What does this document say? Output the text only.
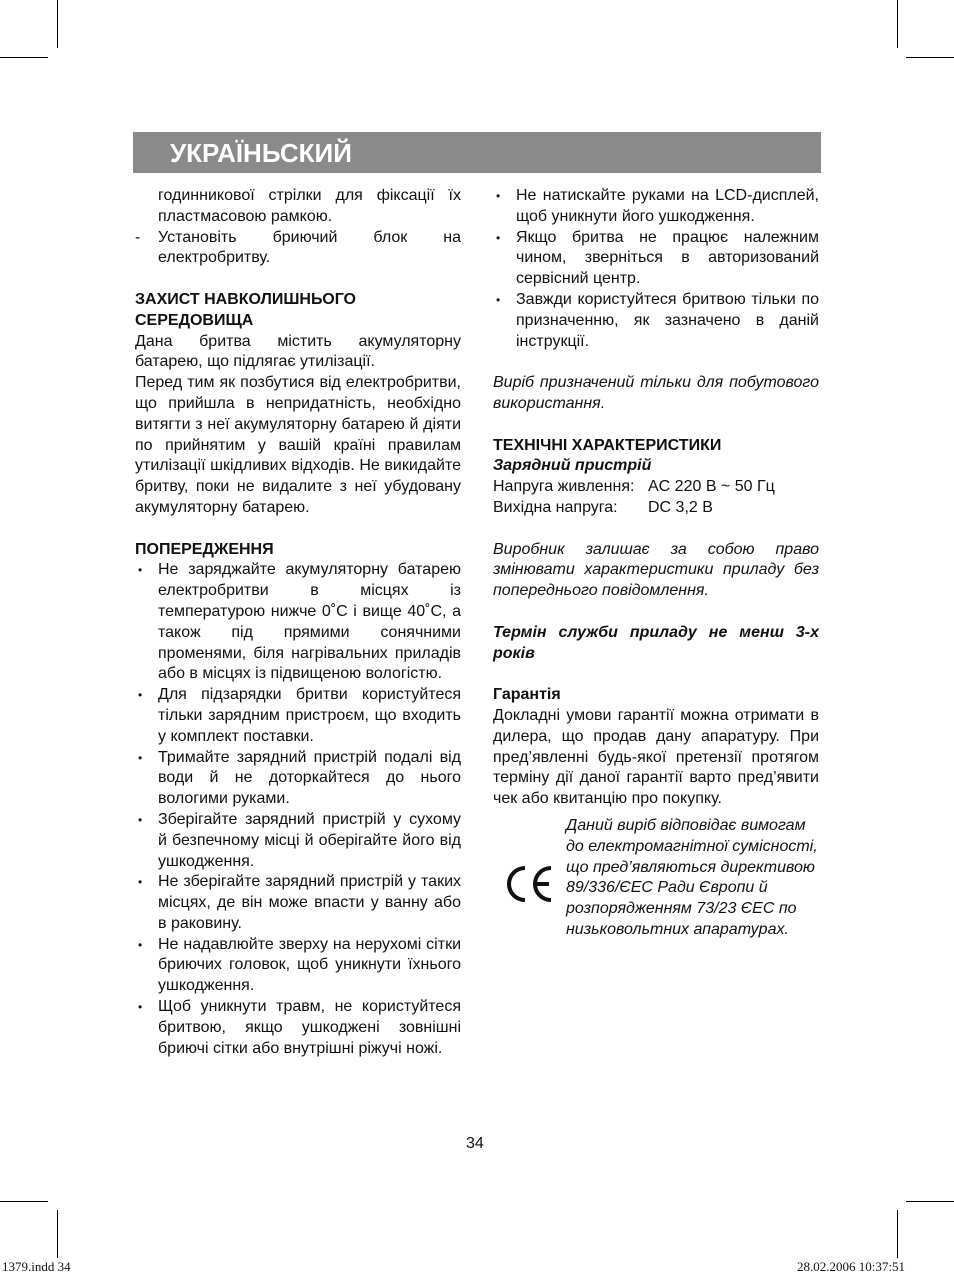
УКРАЇНЬСКИЙ

годинникової стрілки для фіксації їх пластмасовою рамкою.

-	Установіть бриючий блок на електробритву.

ЗАХИСТ НАВКОЛИШНЬОГО
СЕРЕДОВИЩА

Дана бритва містить акумуляторну батарею, що підлягає утилізації.

Перед тим як позбутися від електробритви, що прийшла в непридатність, необхідно витягти з неї акумуляторну батарею й діяти по прийнятим у вашій країні правилам утилізації шкідливих відходів. Не викидайте бритву, поки не видалите з неї убудовану акумуляторну батарею.

ПОПЕРЕДЖЕННЯ

• Не заряджайте акумуляторну батарею електробритви в місцях із температурою нижче 0˚С і вище 40˚С, а також під прямими сонячними променями, біля нагрівальних приладів або в місцях із підвищеною вологістю.
• Для підзарядки бритви користуйтеся тільки зарядним пристроєм, що входить у комплект поставки.
• Тримайте зарядний пристрій подалі від води й не доторкайтеся до нього вологими руками.
• Зберігайте зарядний пристрій у сухому й безпечному місці й оберігайте його від ушкодження.
• Не зберігайте зарядний пристрій у таких місцях, де він може впасти у ванну або в раковину.
• Не надавлюйте зверху на нерухомі сітки бриючих головок, щоб уникнути їхнього ушкодження.
• Щоб уникнути травм, не користуйтеся бритвою, якщо ушкоджені зовнішні бриючі сітки або внутрішні ріжучі ножі.
• Не натискайте руками на LCD-дисплей, щоб уникнути його ушкодження.
• Якщо бритва не працює належним чином, зверніться в авторизований сервісний центр.
• Завжди користуйтеся бритвою тільки по призначенню, як зазначено в даній інструкції.

Виріб призначений тільки для побутового використання.

ТЕХНІЧНІ ХАРАКТЕРИСТИКИ

Зарядний пристрій

Напруга живлення: AC 220 В ~ 50 Гц
Вихідна напруга:	DC 3,2 В

Виробник залишає за собою право змінювати характеристики приладу без попереднього повідомлення.

Термін служби приладу не менш 3-х років

Гарантія

Докладні умови гарантії можна отримати в дилера, що продав дану апаратуру. При пред’явленні будь-якої претензії протягом терміну дії даної гарантії варто пред’явити чек або квитанцію про покупку.

Даний виріб відповідає вимогам до електромагнітної сумісності, що пред’являються директивою 89/336/ЄЕС Ради Європи й розпорядженням 73/23 ЄЕС по низьковольтних апаратурах.
34
1379.indd 34	28.02.2006 10:37:51
